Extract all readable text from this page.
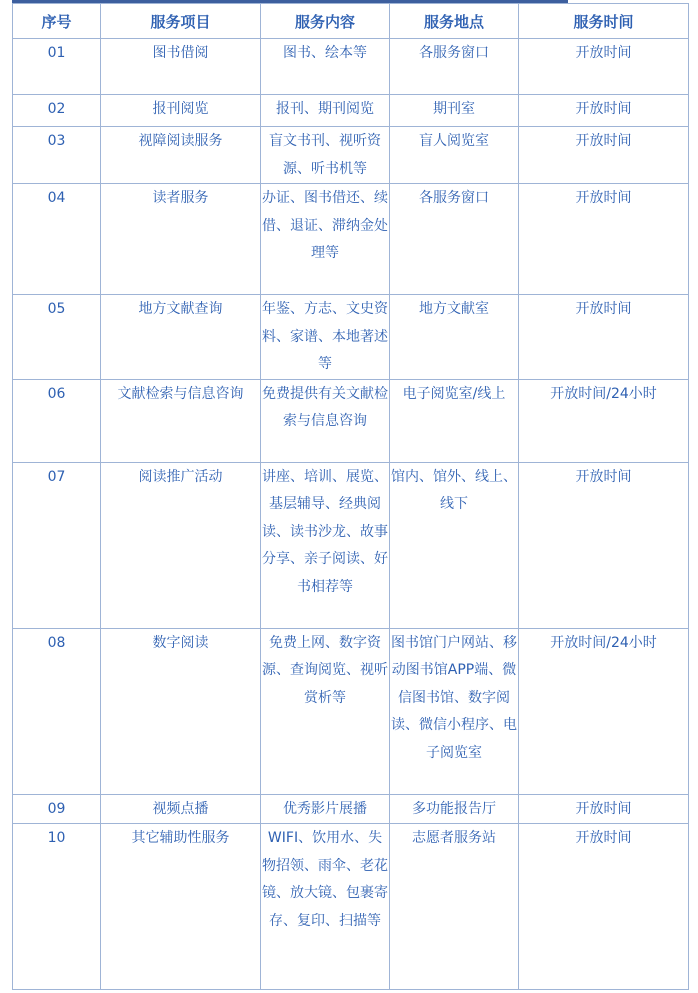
序号	服务项目	服务内容	服务地点	服务时间
01	图书借阅	图书、绘本等	各服务窗口	开放时间
02	报刊阅览	报刊、期刊阅览	期刊室	开放时间
03	视障阅读服务	盲文书刊、视听资源、听书机等	盲人阅览室	开放时间
04	读者服务	办证、图书借还、续借、退证、滞纳金处理等	各服务窗口	开放时间
05	地方文献查询	年鉴、方志、文史资料、家谱、本地著述等	地方文献室	开放时间
06	文献检索与信息咨询	免费提供有关文献检索与信息咨询	电子阅览室/线上	开放时间/24小时
07	阅读推广活动	讲座、培训、展览、基层辅导、经典阅读、读书沙龙、故事分享、亲子阅读、好书相荐等	馆内、馆外、线上、线下	开放时间
08	数字阅读	免费上网、数字资源、查询阅览、视听赏析等	图书馆门户网站、移动图书馆APP端、微信图书馆、数字阅读、微信小程序、电子阅览室	开放时间/24小时
09	视频点播	优秀影片展播	多功能报告厅	开放时间
10	其它辅助性服务	WIFI、饮用水、失物招领、雨伞、老花镜、放大镜、包裹寄存、复印、扫描等	志愿者服务站	开放时间
